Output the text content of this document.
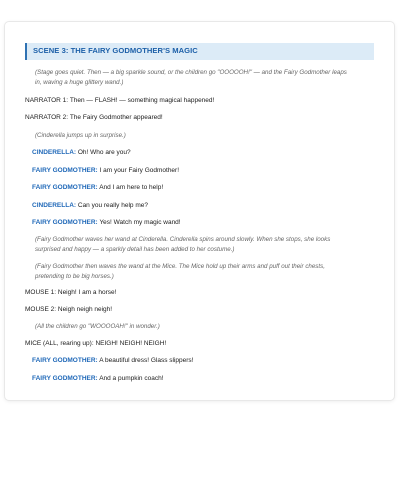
SCENE 3: THE FAIRY GODMOTHER'S MAGIC
(Stage goes quiet. Then — a big sparkle sound, or the children go "OOOOOH!" — and the Fairy Godmother leaps
in, waving a huge glittery wand.)
NARRATOR 1: Then — FLASH! — something magical happened!
NARRATOR 2: The Fairy Godmother appeared!
(Cinderella jumps up in surprise.)
CINDERELLA: Oh! Who are you?
FAIRY GODMOTHER: I am your Fairy Godmother!
FAIRY GODMOTHER: And I am here to help!
CINDERELLA: Can you really help me?
FAIRY GODMOTHER: Yes! Watch my magic wand!
(Fairy Godmother waves her wand at Cinderella. Cinderella spins around slowly. When she stops, she looks
surprised and happy — a sparkly detail has been added to her costume.)
(Fairy Godmother then waves the wand at the Mice. The Mice hold up their arms and puff out their chests,
pretending to be big horses.)
MOUSE 1: Neigh! I am a horse!
MOUSE 2: Neigh neigh neigh!
(All the children go "WOOOOAH!" in wonder.)
MICE (ALL, rearing up): NEIGH! NEIGH! NEIGH!
FAIRY GODMOTHER: A beautiful dress! Glass slippers!
FAIRY GODMOTHER: And a pumpkin coach!
